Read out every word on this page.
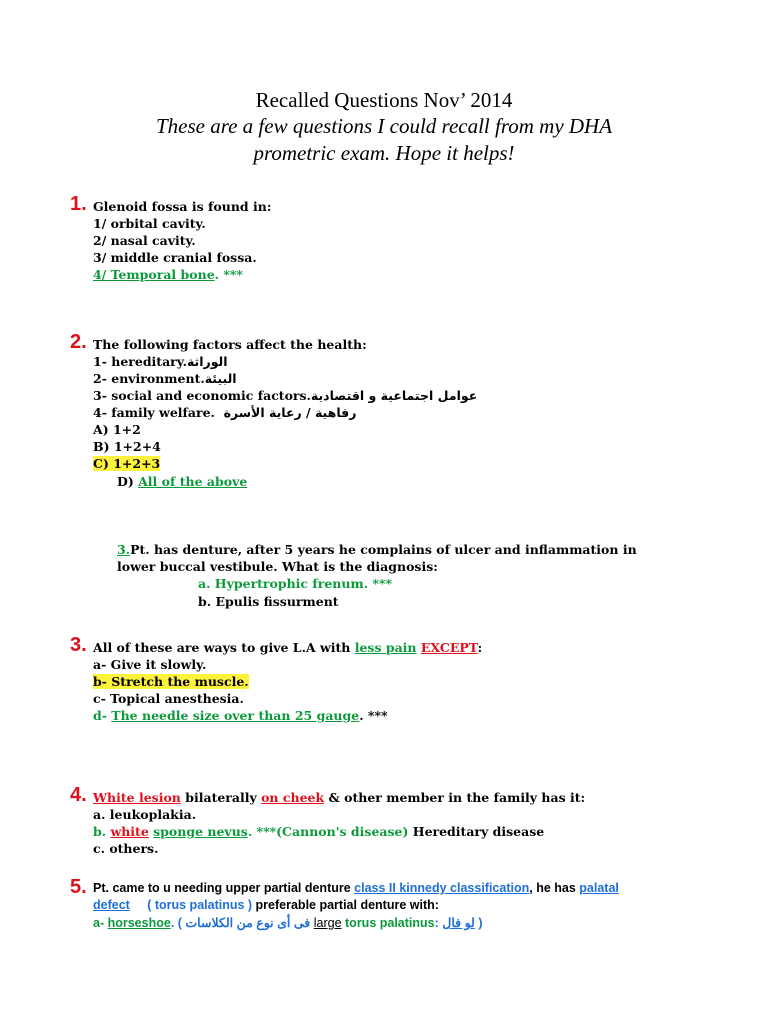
Recalled Questions Nov’ 2014
These are a few questions I could recall from my DHA
prometric exam. Hope it helps!
1. Glenoid fossa is found in:
1/ orbital cavity.
2/ nasal cavity.
3/ middle cranial fossa.
4/ Temporal bone. ***
2. The following factors affect the health:
1- hereditary.الوراثة
2- environment.البيئة
3- social and economic factors.عوامل اجتماعية و اقتصادية
4- family welfare. رفاهية / رعاية الأسرة
A) 1+2
B) 1+2+4
C) 1+2+3
D) All of the above
3.Pt. has denture, after 5 years he complains of ulcer and inflammation in
lower buccal vestibule. What is the diagnosis:
a. Hypertrophic frenum. ***
b. Epulis fissurment
3. All of these are ways to give L.A with less pain EXCEPT:
a- Give it slowly.
b- Stretch the muscle.
c- Topical anesthesia.
d- The needle size over than 25 gauge. ***
4. White lesion bilaterally on cheek & other member in the family has it:
a. leukoplakia.
b. white sponge nevus. ***(Cannon's disease) Hereditary disease
c. others.
5. Pt. came to u needing upper partial denture class II kinnedy classification, he has palatal
defect ( torus palatinus ) preferable partial denture with:
a- horseshoe. ( فى أى نوع من الكلاسات large torus palatinus: لو فال )
